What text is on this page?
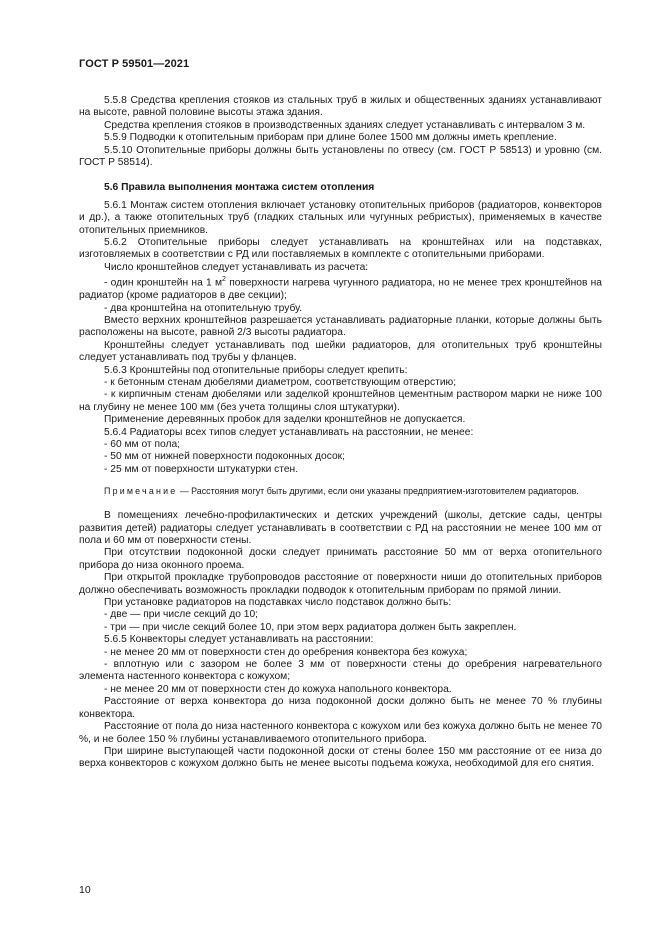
ГОСТ Р 59501—2021

5.5.8 Средства крепления стояков из стальных труб в жилых и общественных зданиях устанавливают на высоте, равной половине высоты этажа здания.

Средства крепления стояков в производственных зданиях следует устанавливать с интервалом 3 м.

5.5.9 Подводки к отопительным приборам при длине более 1500 мм должны иметь крепление.

5.5.10 Отопительные приборы должны быть установлены по отвесу (см. ГОСТ Р 58513) и уровню (см. ГОСТ Р 58514).

5.6 Правила выполнения монтажа систем отопления

5.6.1 Монтаж систем отопления включает установку отопительных приборов (радиаторов, конвекторов и др.), а также отопительных труб (гладких стальных или чугунных ребристых), применяемых в качестве отопительных приемников.

5.6.2 Отопительные приборы следует устанавливать на кронштейнах или на подставках, изготовляемых в соответствии с РД или поставляемых в комплекте с отопительными приборами.

Число кронштейнов следует устанавливать из расчета:

- один кронштейн на 1 $м^2$ поверхности нагрева чугунного радиатора, но не менее трех кронштейнов на радиатор (кроме радиаторов в две секции);

- два кронштейна на отопительную трубу.

Вместо верхних кронштейнов разрешается устанавливать радиаторные планки, которые должны быть расположены на высоте, равной 2/3 высоты радиатора.

Кронштейны следует устанавливать под шейки радиаторов, для отопительных труб кронштейны следует устанавливать под трубы у фланцев.

5.6.3 Кронштейны под отопительные приборы следует крепить:

- к бетонным стенам дюбелями диаметром, соответствующим отверстию;

- к кирпичным стенам дюбелями или заделкой кронштейнов цементным раствором марки не ниже 100 на глубину не менее 100 мм (без учета толщины слоя штукатурки).

Применение деревянных пробок для заделки кронштейнов не допускается.

5.6.4 Радиаторы всех типов следует устанавливать на расстоянии, не менее:

- 60 мм от пола;

- 50 мм от нижней поверхности подоконных досок;

- 25 мм от поверхности штукатурки стен.

Примечание — Расстояния могут быть другими, если они указаны предприятием-изготовителем радиаторов.

В помещениях лечебно-профилактических и детских учреждений (школы, детские сады, центры развития детей) радиаторы следует устанавливать в соответствии с РД на расстоянии не менее 100 мм от пола и 60 мм от поверхности стены.

При отсутствии подоконной доски следует принимать расстояние 50 мм от верха отопительного прибора до низа оконного проема.

При открытой прокладке трубопроводов расстояние от поверхности ниши до отопительных приборов должно обеспечивать возможность прокладки подводок к отопительным приборам по прямой линии.

При установке радиаторов на подставках число подставок должно быть:

- две — при числе секций до 10;

- три — при числе секций более 10, при этом верх радиатора должен быть закреплен.

5.6.5 Конвекторы следует устанавливать на расстоянии:

- не менее 20 мм от поверхности стен до оребрения конвектора без кожуха;

- вплотную или с зазором не более 3 мм от поверхности стены до оребрения нагревательного элемента настенного конвектора с кожухом;

- не менее 20 мм от поверхности стен до кожуха напольного конвектора.

Расстояние от верха конвектора до низа подоконной доски должно быть не менее 70 % глубины конвектора.

Расстояние от пола до низа настенного конвектора с кожухом или без кожуха должно быть не менее 70 %, и не более 150 % глубины устанавливаемого отопительного прибора.

При ширине выступающей части подоконной доски от стены более 150 мм расстояние от ее низа до верха конвекторов с кожухом должно быть не менее высоты подъема кожуха, необходимой для его снятия.

10
